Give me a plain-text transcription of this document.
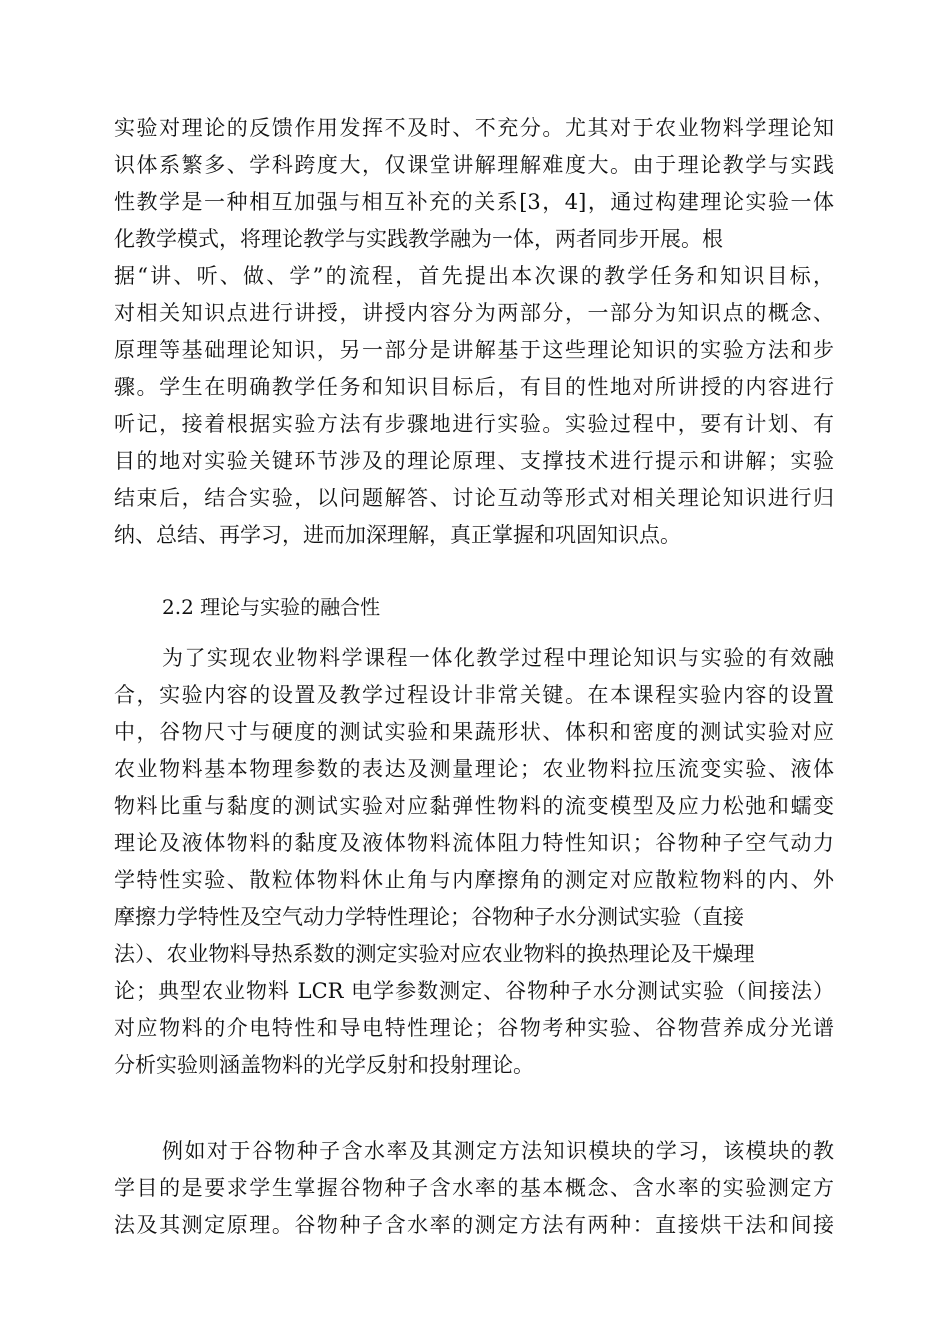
实验对理论的反馈作用发挥不及时、不充分。尤其对于农业物料学理论知
识体系繁多、学科跨度大，仅课堂讲解理解难度大。由于理论教学与实践
性教学是一种相互加强与相互补充的关系[3，4]，通过构建理论实验一体
化教学模式，将理论教学与实践教学融为一体，两者同步开展。根
据“讲、听、做、学”的流程，首先提出本次课的教学任务和知识目标，
对相关知识点进行讲授，讲授内容分为两部分，一部分为知识点的概念、
原理等基础理论知识，另一部分是讲解基于这些理论知识的实验方法和步
骤。学生在明确教学任务和知识目标后，有目的性地对所讲授的内容进行
听记，接着根据实验方法有步骤地进行实验。实验过程中，要有计划、有
目的地对实验关键环节涉及的理论原理、支撑技术进行提示和讲解；实验
结束后，结合实验，以问题解答、讨论互动等形式对相关理论知识进行归
纳、总结、再学习，进而加深理解，真正掌握和巩固知识点。
2.2 理论与实验的融合性
为了实现农业物料学课程一体化教学过程中理论知识与实验的有效融
合，实验内容的设置及教学过程设计非常关键。在本课程实验内容的设置
中，谷物尺寸与硬度的测试实验和果蔬形状、体积和密度的测试实验对应
农业物料基本物理参数的表达及测量理论；农业物料拉压流变实验、液体
物料比重与黏度的测试实验对应黏弹性物料的流变模型及应力松弛和蠕变
理论及液体物料的黏度及液体物料流体阻力特性知识；谷物种子空气动力
学特性实验、散粒体物料休止角与内摩擦角的测定对应散粒物料的内、外
摩擦力学特性及空气动力学特性理论；谷物种子水分测试实验（直接
法）、农业物料导热系数的测定实验对应农业物料的换热理论及干燥理
论；典型农业物料 LCR 电学参数测定、谷物种子水分测试实验（间接法）
对应物料的介电特性和导电特性理论；谷物考种实验、谷物营养成分光谱
分析实验则涵盖物料的光学反射和投射理论。
例如对于谷物种子含水率及其测定方法知识模块的学习，该模块的教
学目的是要求学生掌握谷物种子含水率的基本概念、含水率的实验测定方
法及其测定原理。谷物种子含水率的测定方法有两种：直接烘干法和间接
